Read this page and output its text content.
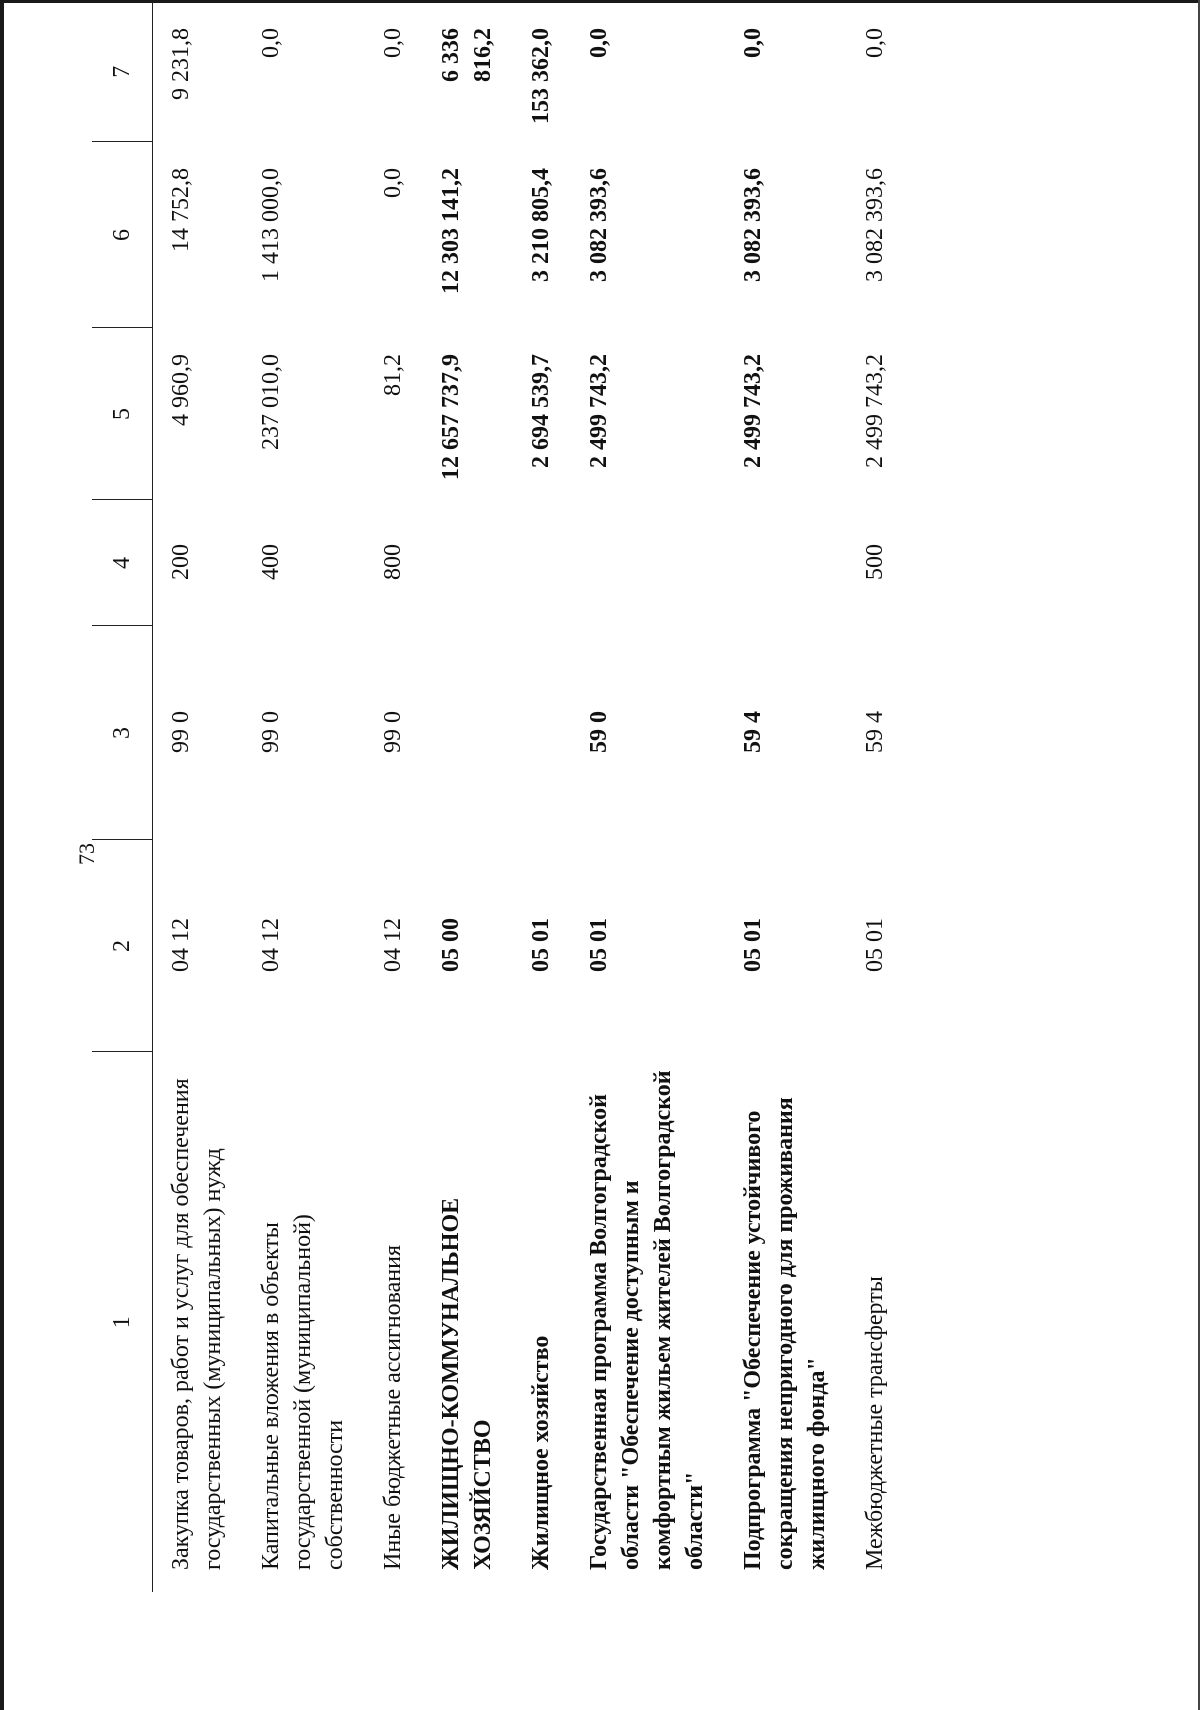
73
1	2	3	4	5	6	7
Закупка товаров, работ и услуг для обеспечения государственных (муниципальных) нужд	04 12	99 0	200	4 960,9	14 752,8	9 231,8
Капитальные вложения в объекты государственной (муниципальной) собственности	04 12	99 0	400	237 010,0	1 413 000,0	0,0
Иные бюджетные ассигнования	04 12	99 0	800	81,2	0,0	0,0
ЖИЛИЩНО-КОММУНАЛЬНОЕ ХОЗЯЙСТВО	05 00			12 657 737,9	12 303 141,2	6 336 816,2
Жилищное хозяйство	05 01			2 694 539,7	3 210 805,4	153 362,0
Государственная программа Волгоградской области "Обеспечение доступным и комфортным жильем жителей Волгоградской области"	05 01	59 0		2 499 743,2	3 082 393,6	0,0
Подпрограмма "Обеспечение устойчивого сокращения непригодного для проживания жилищного фонда"	05 01	59 4		2 499 743,2	3 082 393,6	0,0
Межбюджетные трансферты	05 01	59 4	500	2 499 743,2	3 082 393,6	0,0
